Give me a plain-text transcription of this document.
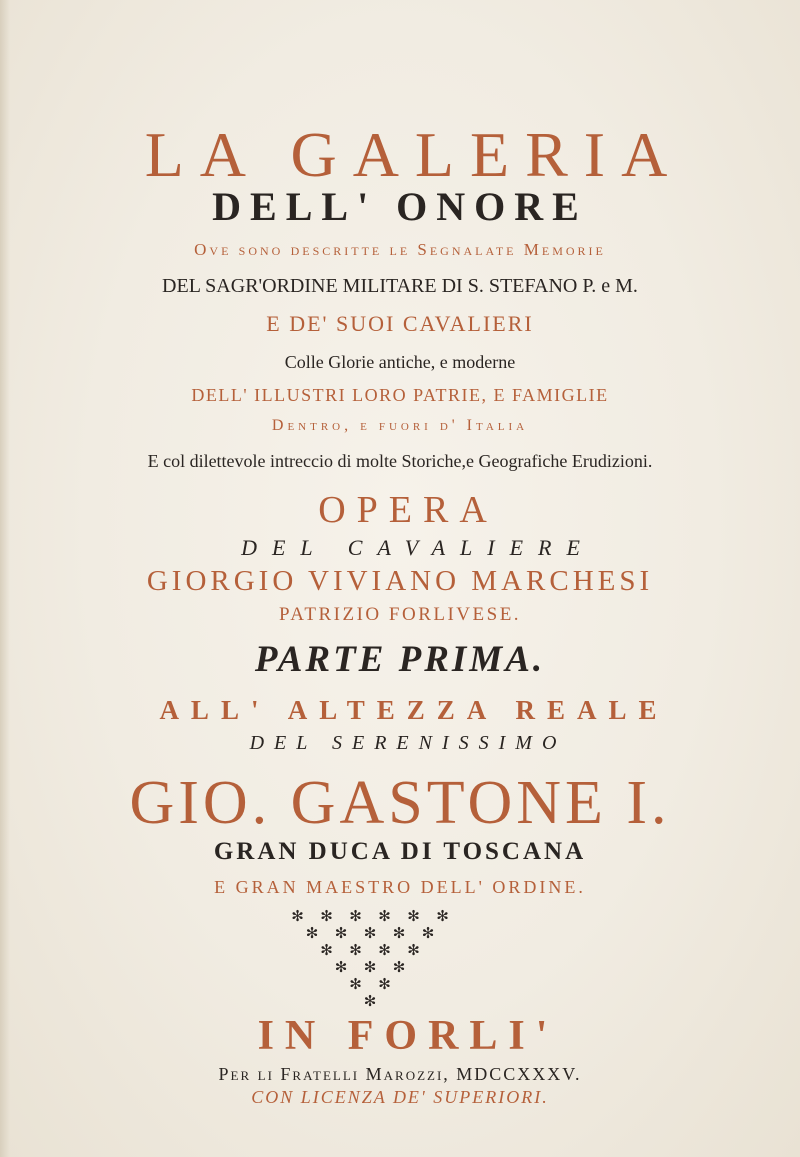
LA GALERIA
DELL' ONORE
Ove sono descritte le Segnalate Memorie
DEL SAGR'ORDINE MILITARE DI S. STEFANO P. e M.
E DE' SUOI CAVALIERI
Colle Glorie antiche, e moderne
DELL' ILLUSTRI LORO PATRIE, E FAMIGLIE
Dentro, e fuori d' Italia
E col dilettevole intreccio di molte Storiche,e Geografiche Erudizioni.
OPERA
DEL CAVALIERE
GIORGIO VIVIANO MARCHESI
PATRIZIO FORLIVESE.
PARTE PRIMA.
ALL' ALTEZZA REALE
DEL SERENISSIMO
GIO. GASTONE I.
GRAN DUCA DI TOSCANA
E GRAN MAESTRO DELL' ORDINE.
✻ ✻ ✻ ✻ ✻ ✻
✻ ✻ ✻ ✻ ✻
✻ ✻ ✻ ✻
✻ ✻ ✻
✻ ✻
✻
IN FORLI'
Per li Fratelli Marozzi, MDCCXXXV.
CON LICENZA DE' SUPERIORI.
